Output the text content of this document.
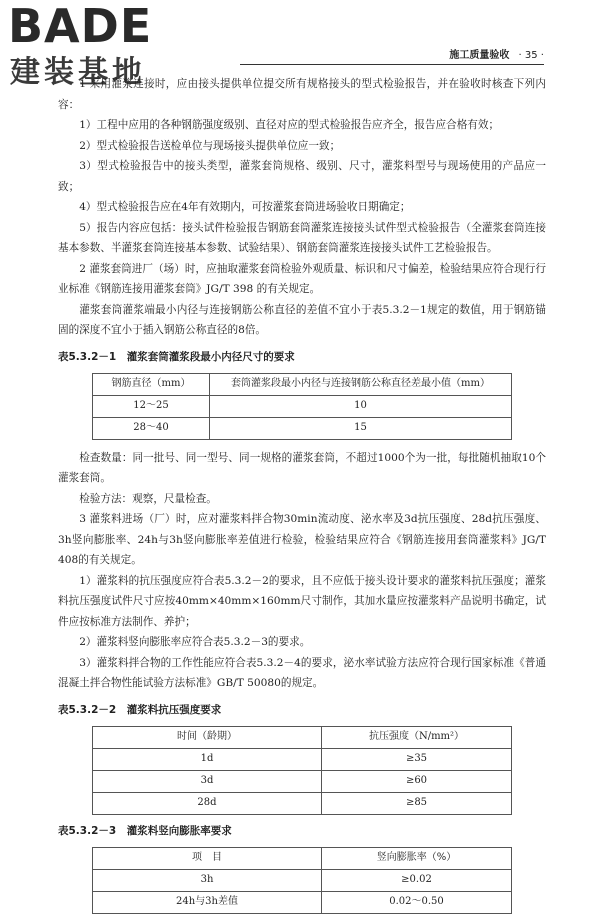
BADE
建装基地	施工质量验收 · 35 ·

1 采用灌浆连接时，应由接头提供单位提交所有规格接头的型式检验报告，并在验收时核查下列内容：

1）工程中应用的各种钢筋强度级别、直径对应的型式检验报告应齐全，报告应合格有效；

2）型式检验报告送检单位与现场接头提供单位应一致；

3）型式检验报告中的接头类型，灌浆套筒规格、级别、尺寸，灌浆料型号与现场使用的产品应一致；

4）型式检验报告应在4年有效期内，可按灌浆套筒进场验收日期确定；

5）报告内容应包括：接头试件检验报告钢筋套筒灌浆连接接头试件型式检验报告（全灌浆套筒连接基本参数、半灌浆套筒连接基本参数、试验结果）、钢筋套筒灌浆连接接头试件工艺检验报告。

2 灌浆套筒进厂（场）时，应抽取灌浆套筒检验外观质量、标识和尺寸偏差，检验结果应符合现行行业标准《钢筋连接用灌浆套筒》JG/T 398 的有关规定。

灌浆套筒灌浆端最小内径与连接钢筋公称直径的差值不宜小于表5.3.2－1规定的数值，用于钢筋锚固的深度不宜小于插入钢筋公称直径的8倍。

表5.3.2－1　灌浆套筒灌浆段最小内径尺寸的要求

钢筋直径（mm）	套筒灌浆段最小内径与连接钢筋公称直径差最小值（mm）
12～25	10
28～40	15

检查数量：同一批号、同一型号、同一规格的灌浆套筒，不超过1000个为一批，每批随机抽取10个灌浆套筒。

检验方法：观察，尺量检查。

3 灌浆料进场（厂）时，应对灌浆料拌合物30min流动度、泌水率及3d抗压强度、28d抗压强度、3h竖向膨胀率、24h与3h竖向膨胀率差值进行检验，检验结果应符合《钢筋连接用套筒灌浆料》JG/T 408的有关规定。

1）灌浆料的抗压强度应符合表5.3.2－2的要求，且不应低于接头设计要求的灌浆料抗压强度；灌浆料抗压强度试件尺寸应按40mm×40mm×160mm尺寸制作，其加水量应按灌浆料产品说明书确定，试件应按标准方法制作、养护；

2）灌浆料竖向膨胀率应符合表5.3.2－3的要求。

3）灌浆料拌合物的工作性能应符合表5.3.2－4的要求，泌水率试验方法应符合现行国家标准《普通混凝土拌合物性能试验方法标准》GB/T 50080的规定。

表5.3.2－2　灌浆料抗压强度要求

时间（龄期）	抗压强度（N/mm²）
1d	≥35
3d	≥60
28d	≥85

表5.3.2－3　灌浆料竖向膨胀率要求

项　目	竖向膨胀率（%）
3h	≥0.02
24h与3h差值	0.02～0.50
